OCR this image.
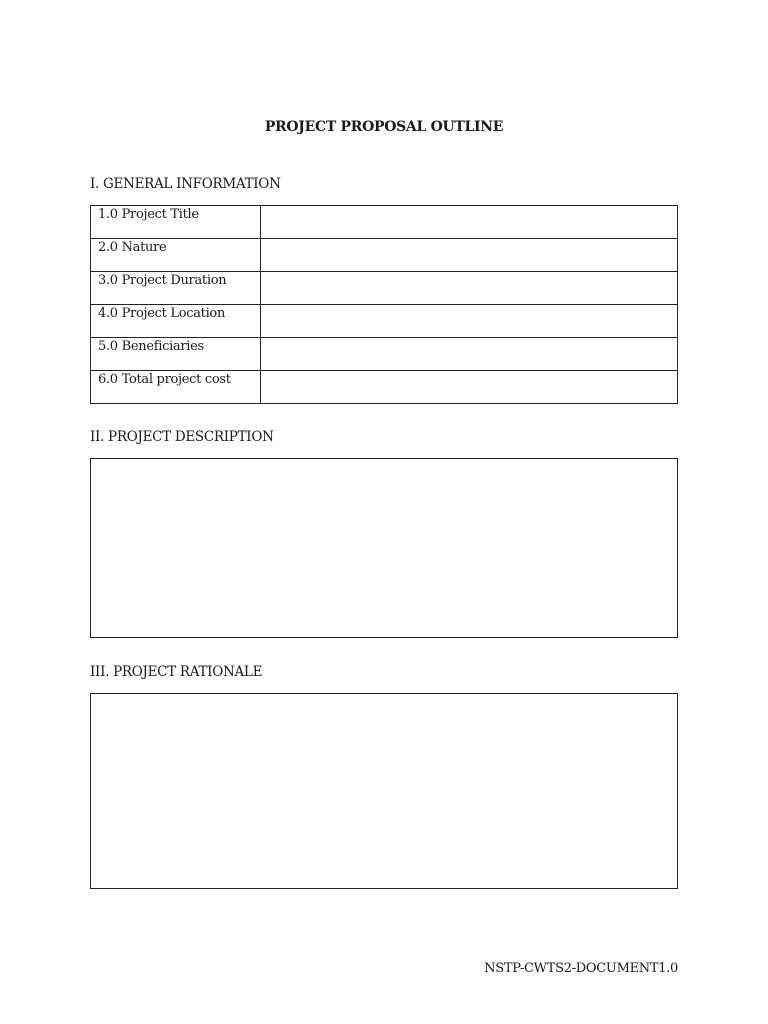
PROJECT PROPOSAL OUTLINE
I. GENERAL INFORMATION
1.0 Project Title	

2.0 Nature	

3.0 Project Duration	

4.0 Project Location	

5.0 Beneficiaries	

6.0 Total project cost	

II. PROJECT DESCRIPTION
III. PROJECT RATIONALE
NSTP-CWTS2-DOCUMENT1.0
